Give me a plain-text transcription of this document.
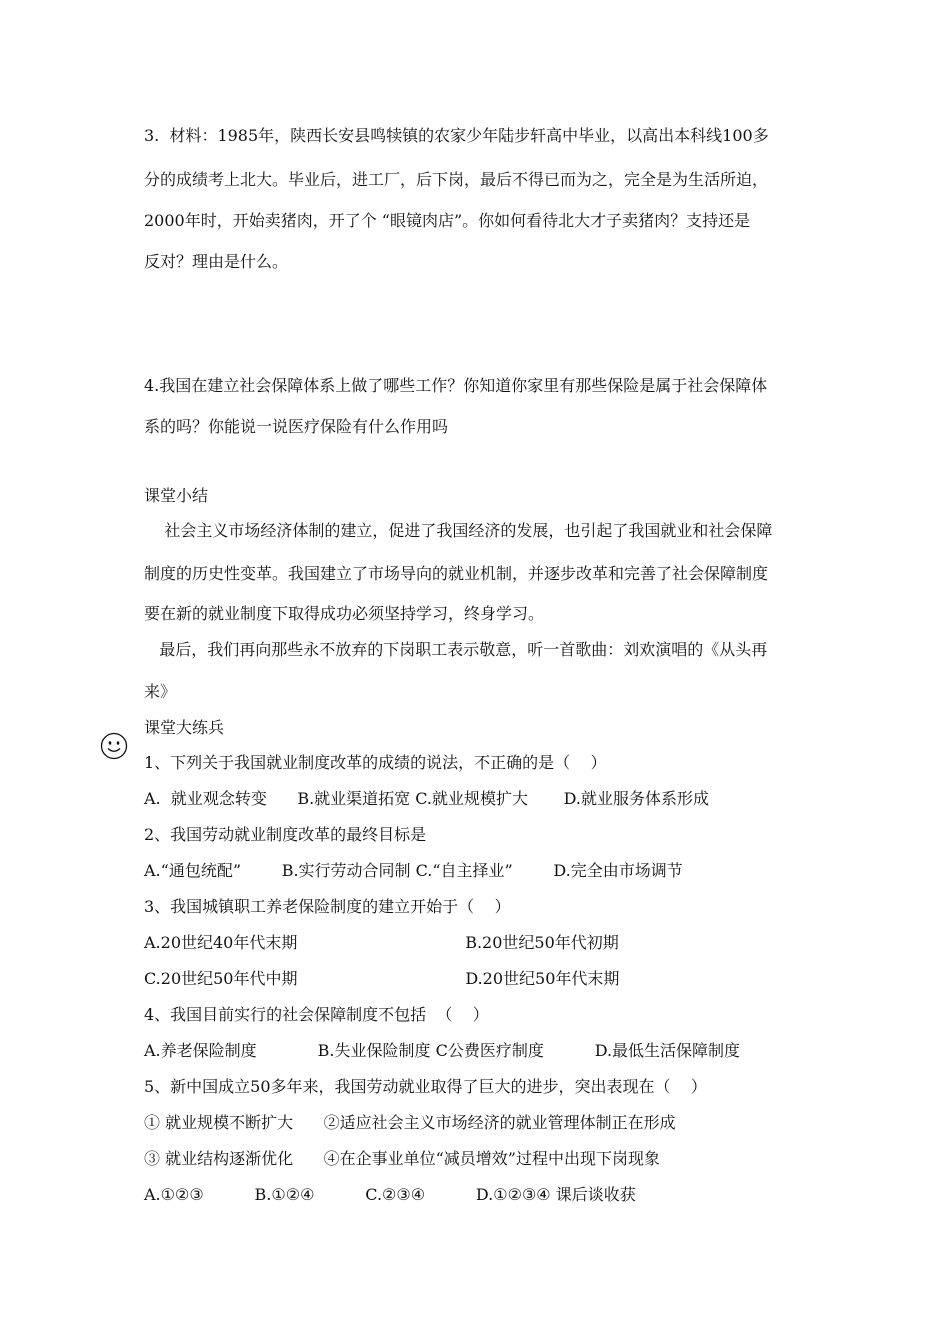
3.  材料：1985年，陕西长安县鸣犊镇的农家少年陆步轩高中毕业，以高出本科线100多
分的成绩考上北大。毕业后，进工厂，后下岗，最后不得已而为之，完全是为生活所迫，
2000年时，开始卖猪肉，开了个 “眼镜肉店”。你如何看待北大才子卖猪肉？支持还是
反对？理由是什么。
4.我国在建立社会保障体系上做了哪些工作？你知道你家里有那些保险是属于社会保障体
系的吗？你能说一说医疗保险有什么作用吗
课堂小结
社会主义市场经济体制的建立，促进了我国经济的发展，也引起了我国就业和社会保障
制度的历史性变革。我国建立了市场导向的就业机制，并逐步改革和完善了社会保障制度
要在新的就业制度下取得成功必须坚持学习，终身学习。
最后，我们再向那些永不放弃的下岗职工表示敬意，听一首歌曲：刘欢演唱的《从头再
来》
课堂大练兵
1、下列关于我国就业制度改革的成绩的说法，不正确的是（    ）
A.  就业观念转变      B.就业渠道拓宽 C.就业规模扩大       D.就业服务体系形成
2、我国劳动就业制度改革的最终目标是
A.“通包统配”        B.实行劳动合同制 C.“自主择业”        D.完全由市场调节
3、我国城镇职工养老保险制度的建立开始于（    ）
A.20世纪40年代末期                                 B.20世纪50年代初期
C.20世纪50年代中期                                 D.20世纪50年代末期
4、我国目前实行的社会保障制度不包括  （    ）
A.养老保险制度            B.失业保险制度 C公费医疗制度          D.最低生活保障制度
5、新中国成立50多年来，我国劳动就业取得了巨大的进步，突出表现在（    ）
① 就业规模不断扩大      ②适应社会主义市场经济的就业管理体制正在形成
③ 就业结构逐渐优化      ④在企事业单位“减员增效”过程中出现下岗现象
A.①②③          B.①②④          C.②③④          D.①②③④ 课后谈收获
